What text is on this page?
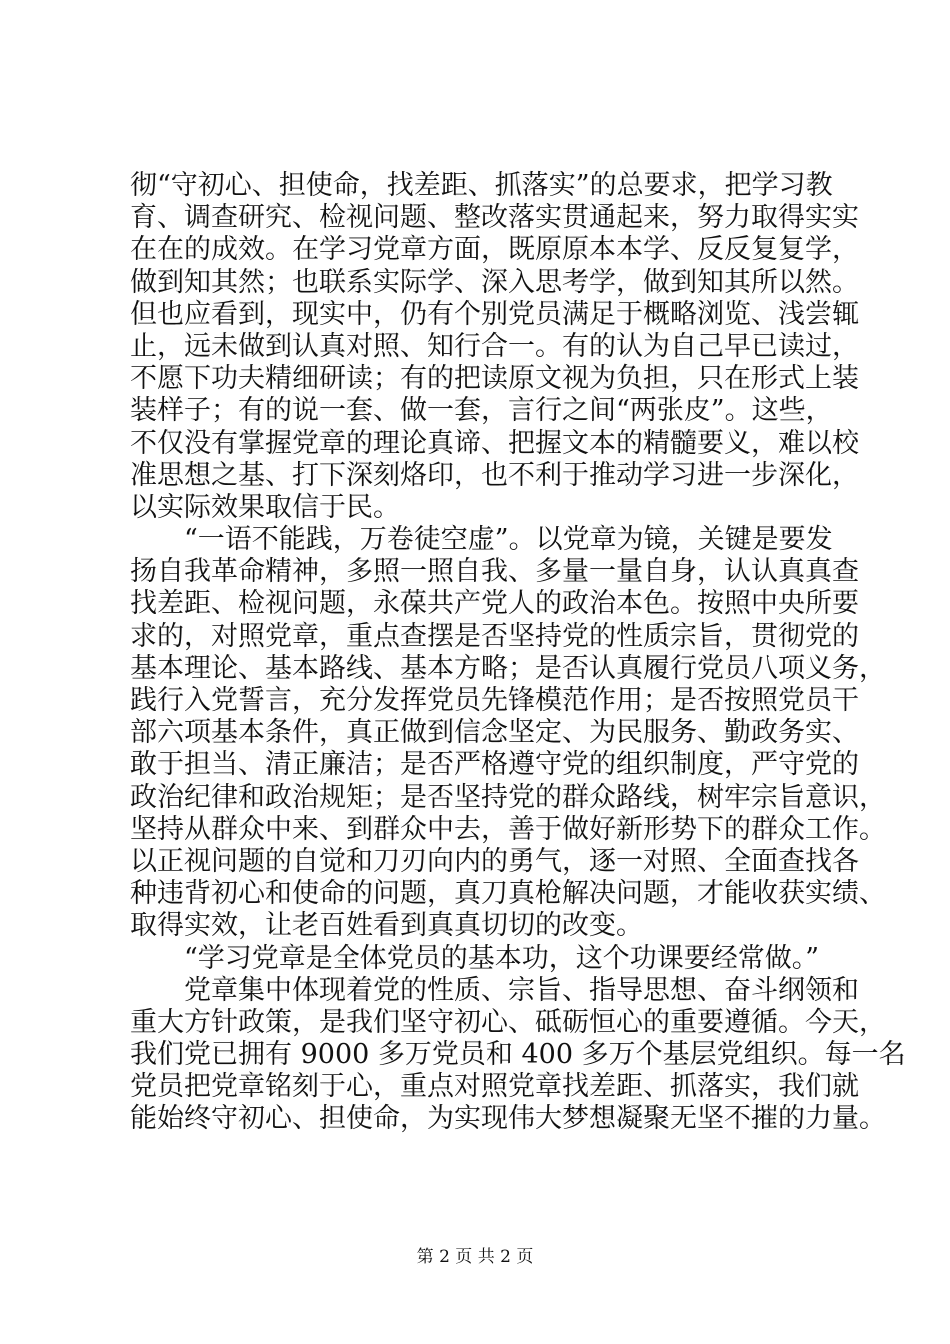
彻“守初心、担使命，找差距、抓落实”的总要求，把学习教
育、调查研究、检视问题、整改落实贯通起来，努力取得实实
在在的成效。在学习党章方面，既原原本本学、反反复复学，
做到知其然；也联系实际学、深入思考学，做到知其所以然。
但也应看到，现实中，仍有个别党员满足于概略浏览、浅尝辄
止，远未做到认真对照、知行合一。有的认为自己早已读过，
不愿下功夫精细研读；有的把读原文视为负担，只在形式上装
装样子；有的说一套、做一套，言行之间“两张皮”。这些，
不仅没有掌握党章的理论真谛、把握文本的精髓要义，难以校
准思想之基、打下深刻烙印，也不利于推动学习进一步深化，
以实际效果取信于民。
“一语不能践，万卷徒空虚”。以党章为镜，关键是要发
扬自我革命精神，多照一照自我、多量一量自身，认认真真查
找差距、检视问题，永葆共产党人的政治本色。按照中央所要
求的，对照党章，重点查摆是否坚持党的性质宗旨，贯彻党的
基本理论、基本路线、基本方略；是否认真履行党员八项义务，
践行入党誓言，充分发挥党员先锋模范作用；是否按照党员干
部六项基本条件，真正做到信念坚定、为民服务、勤政务实、
敢于担当、清正廉洁；是否严格遵守党的组织制度，严守党的
政治纪律和政治规矩；是否坚持党的群众路线，树牢宗旨意识，
坚持从群众中来、到群众中去，善于做好新形势下的群众工作。
以正视问题的自觉和刀刃向内的勇气，逐一对照、全面查找各
种违背初心和使命的问题，真刀真枪解决问题，才能收获实绩、
取得实效，让老百姓看到真真切切的改变。
“学习党章是全体党员的基本功，这个功课要经常做。”
党章集中体现着党的性质、宗旨、指导思想、奋斗纲领和
重大方针政策，是我们坚守初心、砥砺恒心的重要遵循。今天，
我们党已拥有 9000 多万党员和 400 多万个基层党组织。每一名
党员把党章铭刻于心，重点对照党章找差距、抓落实，我们就
能始终守初心、担使命，为实现伟大梦想凝聚无坚不摧的力量。
第 2 页 共 2 页
